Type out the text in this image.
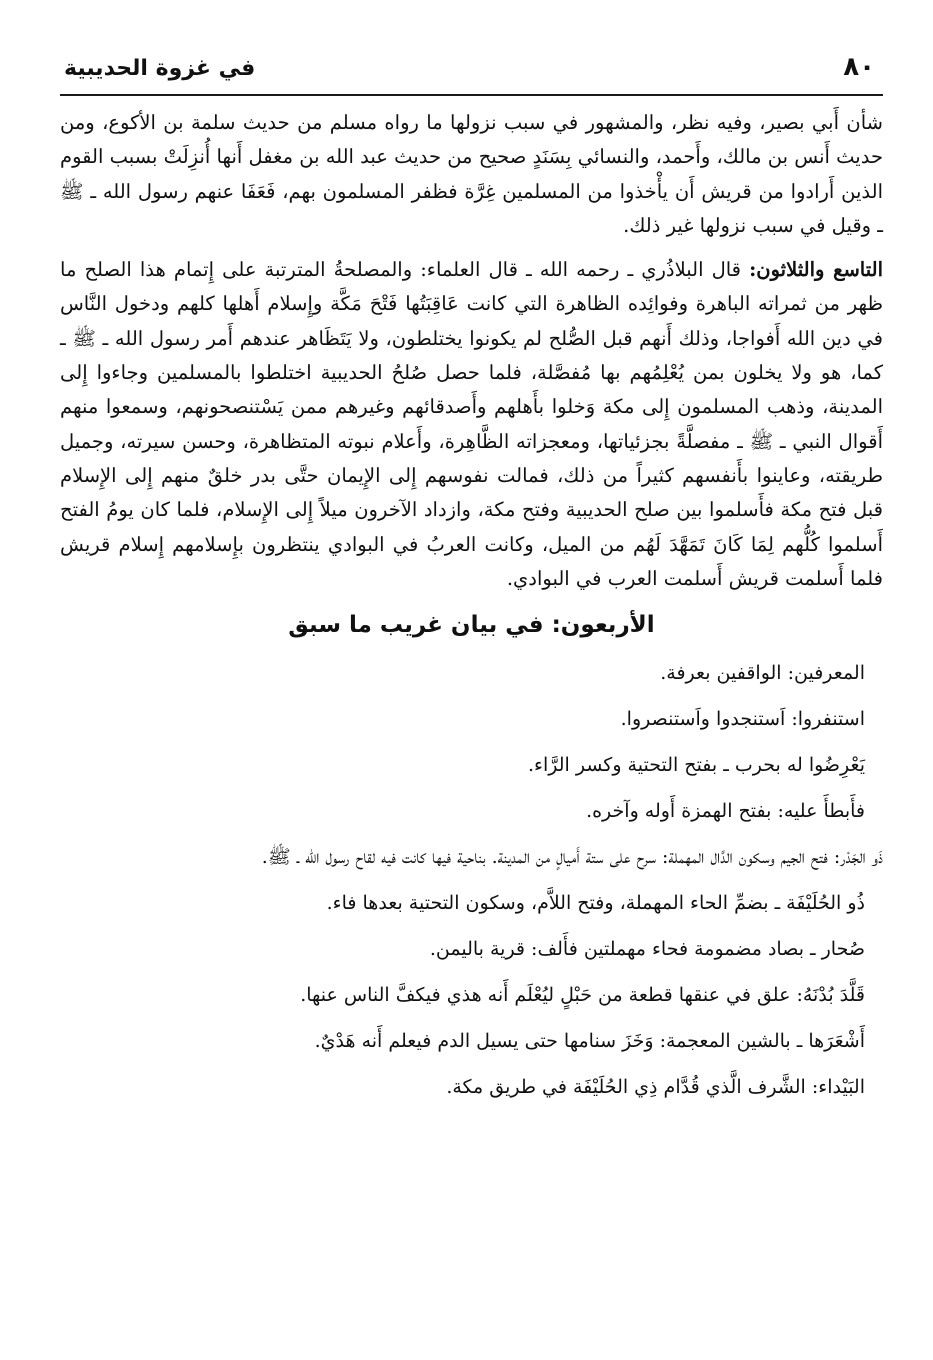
٨٠
في غزوة الحديبية

شأن أَبي بصير، وفيه نظر، والمشهور في سبب نزولها ما رواه مسلم من حديث سلمة بن الأكوع، ومن حديث أَنس بن مالك، وأَحمد، والنسائي بِسَنَدٍ صحيح من حديث عبد الله بن مغفل أَنها أُنزِلَتْ بسبب القوم الذين أَرادوا من قريش أَن يأْخذوا من المسلمين غِرَّة فظفر المسلمون بهم، فَعَفَا عنهم رسول الله ـ ﷺ ـ وقيل في سبب نزولها غير ذلك.

التاسع والثلاثون: قال البلاذُري ـ رحمه الله ـ قال العلماء: والمصلحةُ المترتبة على إِتمام هذا الصلح ما ظهر من ثمراته الباهرة وفوائِده الظاهرة التي كانت عَاقِبَتُها فَتْحَ مَكَّة وإِسلام أَهلها كلهم ودخول النَّاس في دين الله أَفواجا، وذلك أَنهم قبل الصُّلح لم يكونوا يختلطون، ولا يَتَظَاهر عندهم أَمر رسول الله ـ ﷺ ـ كما، هو ولا يخلون بمن يُعْلِمُهم بها مُفصَّلة، فلما حصل صُلحُ الحديبية اختلطوا بالمسلمين وجاءوا إِلى المدينة، وذهب المسلمون إِلى مكة وَخلوا بأَهلهم وأَصدقائهم وغيرهم ممن يَسْتنصحونهم، وسمعوا منهم أَقوال النبي ـ ﷺ ـ مفصلَّةً بجزئياتها، ومعجزاته الظَّاهِرة، وأَعلام نبوته المتظاهرة، وحسن سيرته، وجميل طريقته، وعاينوا بأَنفسهم كثيراً من ذلك، فمالت نفوسهم إِلى الإِيمان حتَّى بدر خلقٌ منهم إِلى الإِسلام قبل فتح مكة فأَسلموا بين صلح الحديبية وفتح مكة، وازداد الآخرون ميلاً إِلى الإِسلام، فلما كان يومُ الفتح أَسلموا كُلُّهم لِمَا كَانَ تَمَهَّدَ لَهُم من الميل، وكانت العربُ في البوادي ينتظرون بإِسلامهم إِسلام قريش فلما أَسلمت قريش أَسلمت العرب في البوادي.

الأربعون: في بيان غريب ما سبق

المعرفين: الواقفين بعرفة.

استنفروا: اَستنجدوا واَستنصروا.

يَعْرِضُوا له بحرب ـ بفتح التحتية وكسر الرَّاء.

فأَبطأَ عليه: بفتح الهمزة أَوله وآخره.

ذَو الجَدْر: فتح الجيم وسكون الدَّال المهملة: سرح على ستة أَميالٍ من المدينة. بناحية فيها كانت فيه لقاح رسول الله ـ ﷺ.

ذُو الحُلَيْفَة ـ بضمِّ الحاء المهملة، وفتح اللاَّم، وسكون التحتية بعدها فاء.

صُحار ـ بصاد مضمومة فحاء مهملتين فأَلف: قرية باليمن.

قَلَّدَ بُدْنَهُ: علق في عنقها قطعة من حَبْلٍ ليُعْلَم أَنه هذي فيكفَّ الناس عنها.

أَشْعَرَها ـ بالشين المعجمة: وَخَزَ سنامها حتى يسيل الدم فيعلم أَنه هَدْيٌ.

البَيْداء: الشَّرف الَّذي قُدَّام ذِي الحُلَيْفَة في طريق مكة.
